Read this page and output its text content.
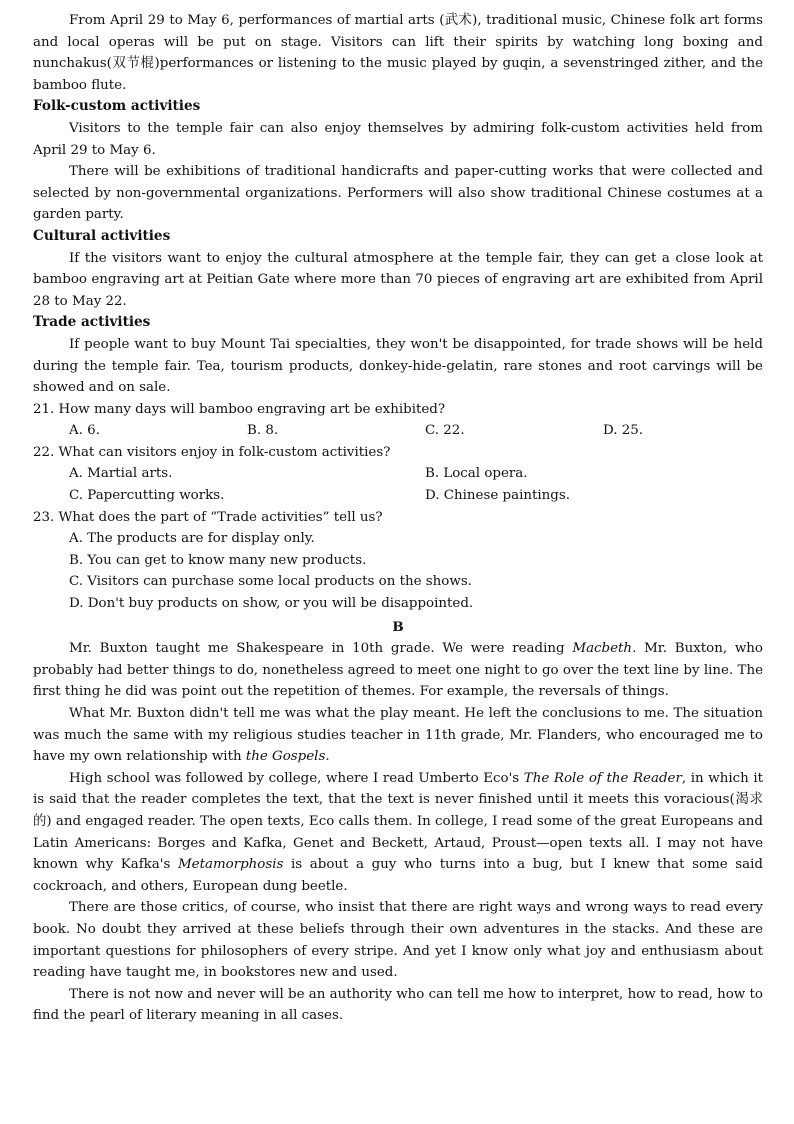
From April 29 to May 6, performances of martial arts (武术), traditional music, Chinese folk art forms and local operas will be put on stage. Visitors can lift their spirits by watching long boxing and nunchakus(双节棍)performances or listening to the music played by guqin, a sevenstringed zither, and the bamboo flute.

Folk-custom activities

Visitors to the temple fair can also enjoy themselves by admiring folk-custom activities held from April 29 to May 6.

There will be exhibitions of traditional handicrafts and paper-cutting works that were collected and selected by non-governmental organizations. Performers will also show traditional Chinese costumes at a garden party.

Cultural activities

If the visitors want to enjoy the cultural atmosphere at the temple fair, they can get a close look at bamboo engraving art at Peitian Gate where more than 70 pieces of engraving art are exhibited from April 28 to May 22.

Trade activities

If people want to buy Mount Tai specialties, they won't be disappointed, for trade shows will be held during the temple fair. Tea, tourism products, donkey-hide-gelatin, rare stones and root carvings will be showed and on sale.

21. How many days will bamboo engraving art be exhibited?

A. 6.	B. 8.	C. 22.	D. 25.

22. What can visitors enjoy in folk-custom activities?

A. Martial arts.	B. Local opera.
C. Papercutting works.	D. Chinese paintings.

23. What does the part of “Trade activities” tell us?

A. The products are for display only.
B. You can get to know many new products.
C. Visitors can purchase some local products on the shows.
D. Don't buy products on show, or you will be disappointed.

B

Mr. Buxton taught me Shakespeare in 10th grade. We were reading Macbeth. Mr. Buxton, who probably had better things to do, nonetheless agreed to meet one night to go over the text line by line. The first thing he did was point out the repetition of themes. For example, the reversals of things.

What Mr. Buxton didn't tell me was what the play meant. He left the conclusions to me. The situation was much the same with my religious studies teacher in 11th grade, Mr. Flanders, who encouraged me to have my own relationship with the Gospels.

High school was followed by college, where I read Umberto Eco's The Role of the Reader, in which it is said that the reader completes the text, that the text is never finished until it meets this voracious(渴求的) and engaged reader. The open texts, Eco calls them. In college, I read some of the great Europeans and Latin Americans: Borges and Kafka, Genet and Beckett, Artaud, Proust—open texts all. I may not have known why Kafka's Metamorphosis is about a guy who turns into a bug, but I knew that some said cockroach, and others, European dung beetle.

There are those critics, of course, who insist that there are right ways and wrong ways to read every book. No doubt they arrived at these beliefs through their own adventures in the stacks. And these are important questions for philosophers of every stripe. And yet I know only what joy and enthusiasm about reading have taught me, in bookstores new and used.

There is not now and never will be an authority who can tell me how to interpret, how to read, how to find the pearl of literary meaning in all cases.
